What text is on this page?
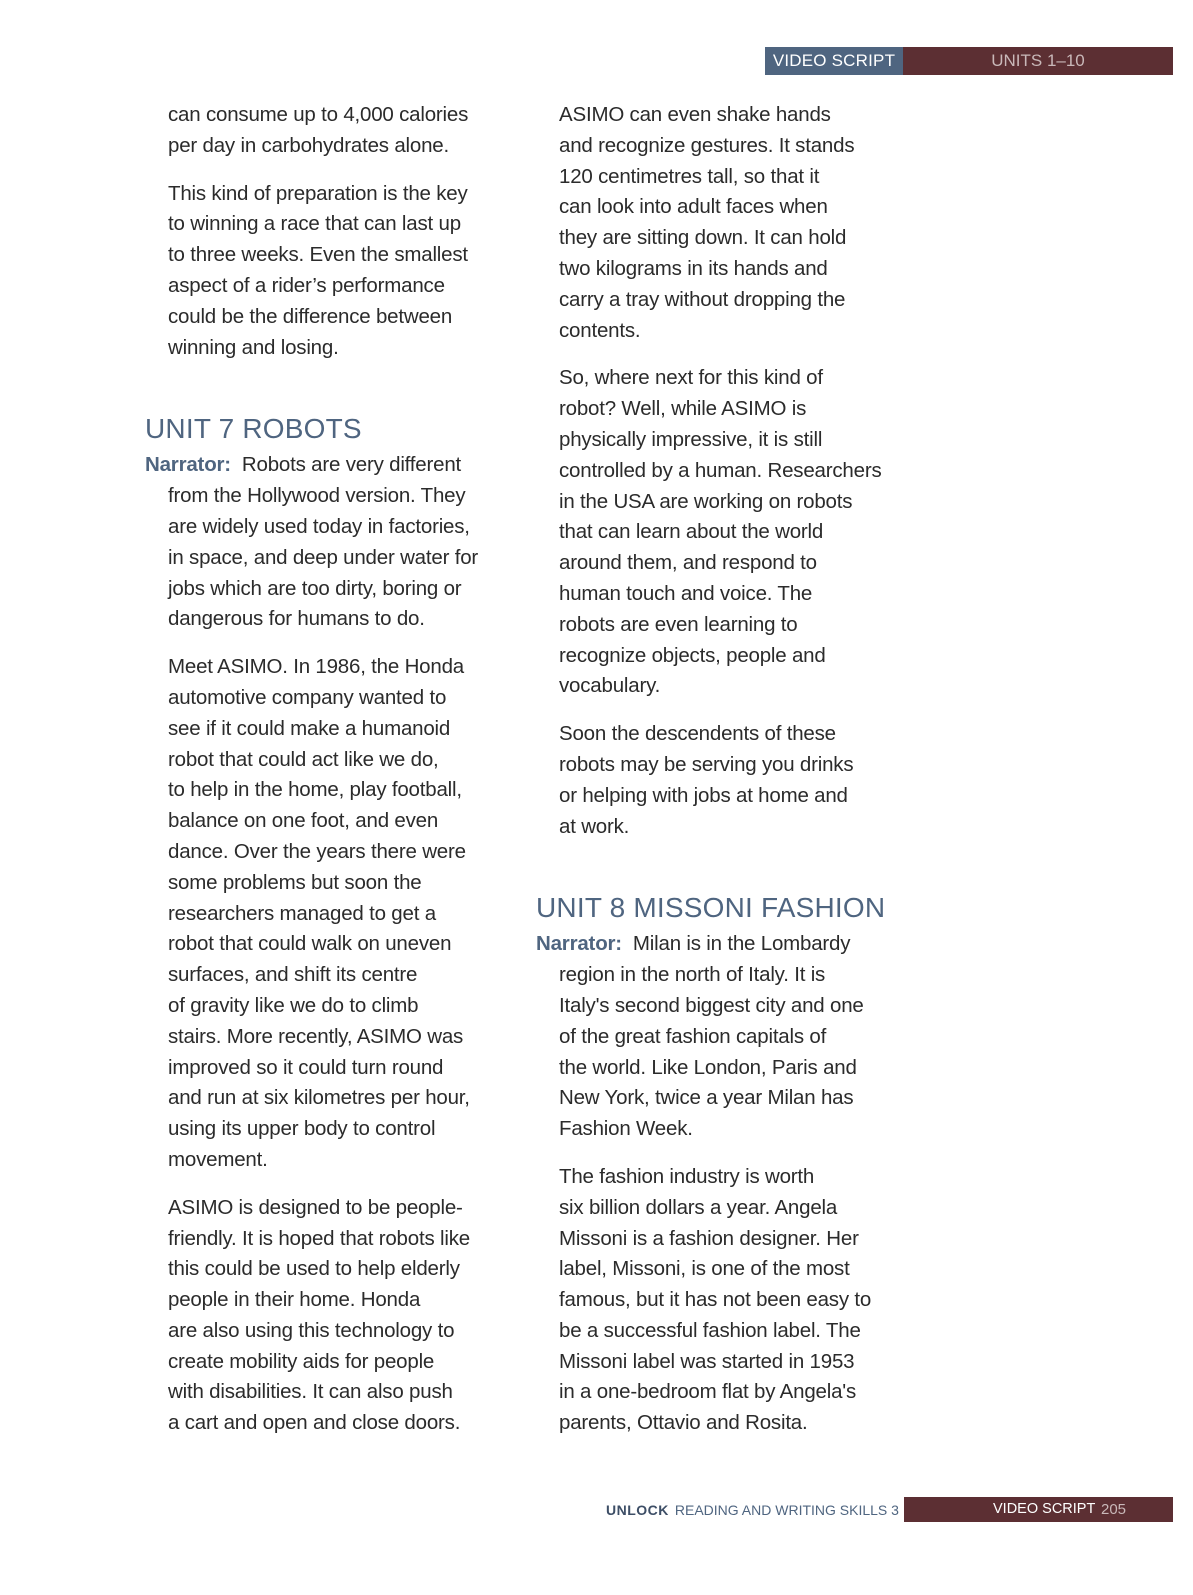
VIDEO SCRIPT	UNITS 1–10

can consume up to 4,000 calories
per day in carbohydrates alone.

This kind of preparation is the key
to winning a race that can last up
to three weeks. Even the smallest
aspect of a rider’s performance
could be the difference between
winning and losing.

UNIT 7 ROBOTS

Narrator: Robots are very different
from the Hollywood version. They
are widely used today in factories,
in space, and deep under water for
jobs which are too dirty, boring or
dangerous for humans to do.

Meet ASIMO. In 1986, the Honda
automotive company wanted to
see if it could make a humanoid
robot that could act like we do,
to help in the home, play football,
balance on one foot, and even
dance. Over the years there were
some problems but soon the
researchers managed to get a
robot that could walk on uneven
surfaces, and shift its centre
of gravity like we do to climb
stairs. More recently, ASIMO was
improved so it could turn round
and run at six kilometres per hour,
using its upper body to control
movement.

ASIMO is designed to be people-
friendly. It is hoped that robots like
this could be used to help elderly
people in their home. Honda
are also using this technology to
create mobility aids for people
with disabilities. It can also push
a cart and open and close doors.

ASIMO can even shake hands
and recognize gestures. It stands
120 centimetres tall, so that it
can look into adult faces when
they are sitting down. It can hold
two kilograms in its hands and
carry a tray without dropping the
contents.

So, where next for this kind of
robot? Well, while ASIMO is
physically impressive, it is still
controlled by a human. Researchers
in the USA are working on robots
that can learn about the world
around them, and respond to
human touch and voice. The
robots are even learning to
recognize objects, people and
vocabulary.

Soon the descendents of these
robots may be serving you drinks
or helping with jobs at home and
at work.

UNIT 8 MISSONI FASHION

Narrator: Milan is in the Lombardy
region in the north of Italy. It is
Italy's second biggest city and one
of the great fashion capitals of
the world. Like London, Paris and
New York, twice a year Milan has
Fashion Week.

The fashion industry is worth
six billion dollars a year. Angela
Missoni is a fashion designer. Her
label, Missoni, is one of the most
famous, but it has not been easy to
be a successful fashion label. The
Missoni label was started in 1953
in a one-bedroom flat by Angela's
parents, Ottavio and Rosita.

UNLOCK READING AND WRITING SKILLS 3	VIDEO SCRIPT 205
